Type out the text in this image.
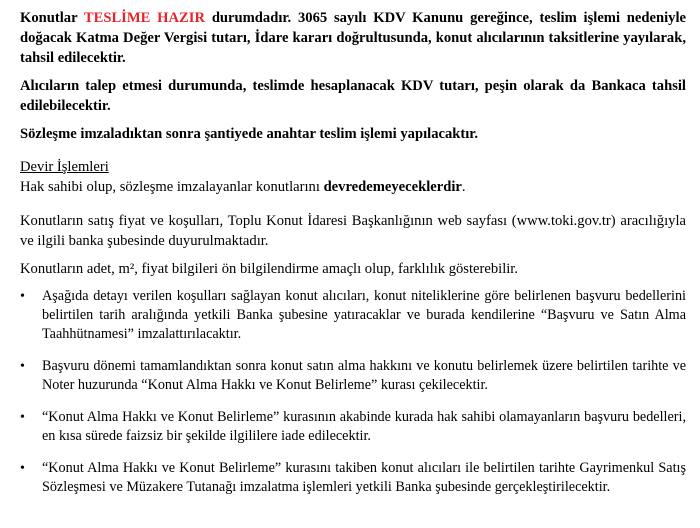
Konutlar TESLİME HAZIR durumdadır. 3065 sayılı KDV Kanunu gereğince, teslim işlemi nedeniyle doğacak Katma Değer Vergisi tutarı, İdare kararı doğrultusunda, konut alıcılarının taksitlerine yayılarak, tahsil edilecektir.

Alıcıların talep etmesi durumunda, teslimde hesaplanacak KDV tutarı, peşin olarak da Bankaca tahsil edilebilecektir.

Sözleşme imzaladıktan sonra şantiyede anahtar teslim işlemi yapılacaktır.

Devir İşlemleri

Hak sahibi olup, sözleşme imzalayanlar konutlarını devredemeyeceklerdir.

Konutların satış fiyat ve koşulları, Toplu Konut İdaresi Başkanlığının web sayfası (www.toki.gov.tr) aracılığıyla ve ilgili banka şubesinde duyurulmaktadır.

Konutların adet, m², fiyat bilgileri ön bilgilendirme amaçlı olup, farklılık gösterebilir.

• Aşağıda detayı verilen koşulları sağlayan konut alıcıları, konut niteliklerine göre belirlenen başvuru bedellerini belirtilen tarih aralığında yetkili Banka şubesine yatıracaklar ve burada kendilerine “Başvuru ve Satın Alma Taahhütnamesi” imzalattırılacaktır.
• Başvuru dönemi tamamlandıktan sonra konut satın alma hakkını ve konutu belirlemek üzere belirtilen tarihte ve Noter huzurunda “Konut Alma Hakkı ve Konut Belirleme” kurası çekilecektir.
• “Konut Alma Hakkı ve Konut Belirleme” kurasının akabinde kurada hak sahibi olamayanların başvuru bedelleri, en kısa sürede faizsiz bir şekilde ilgililere iade edilecektir.
• “Konut Alma Hakkı ve Konut Belirleme” kurasını takiben konut alıcıları ile belirtilen tarihte Gayrimenkul Satış Sözleşmesi ve Müzakere Tutanağı imzalatma işlemleri yetkili Banka şubesinde gerçekleştirilecektir.
